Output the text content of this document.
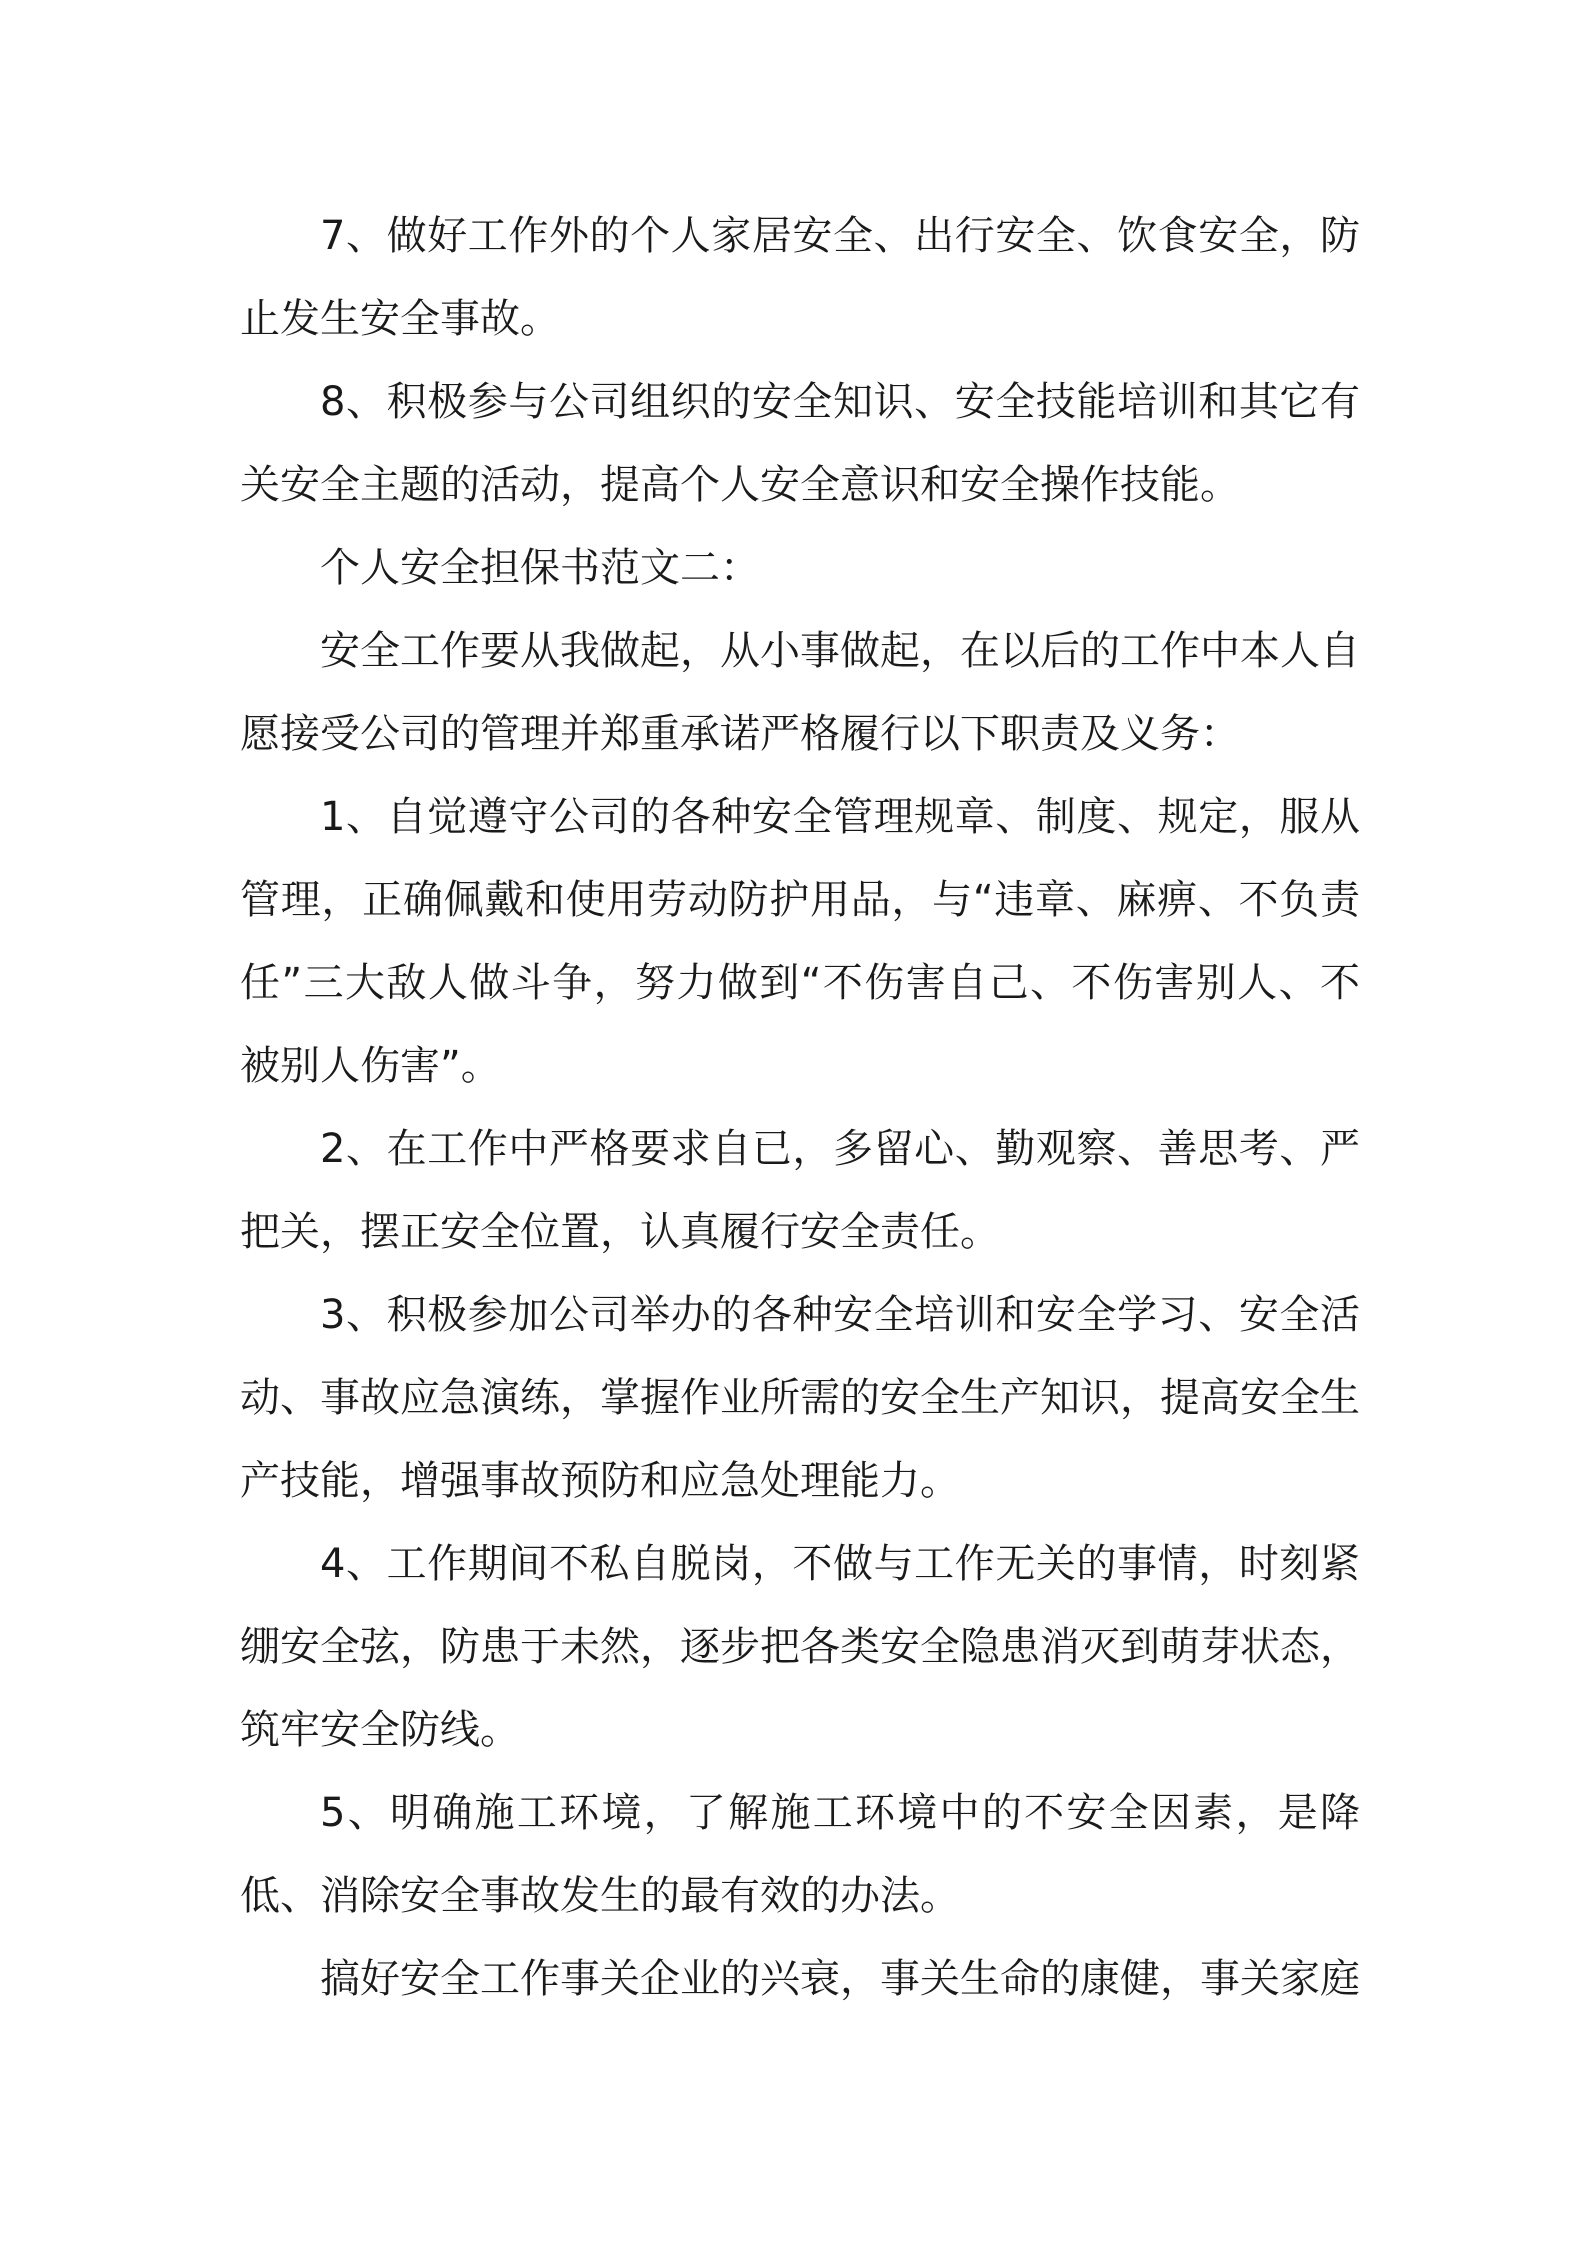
7、做好工作外的个人家居安全、出行安全、饮食安全，防止发生安全事故。

8、积极参与公司组织的安全知识、安全技能培训和其它有关安全主题的活动，提高个人安全意识和安全操作技能。

个人安全担保书范文二：

安全工作要从我做起，从小事做起，在以后的工作中本人自愿接受公司的管理并郑重承诺严格履行以下职责及义务：

1、自觉遵守公司的各种安全管理规章、制度、规定，服从管理，正确佩戴和使用劳动防护用品，与“违章、麻痹、不负责任”三大敌人做斗争，努力做到“不伤害自己、不伤害别人、不被别人伤害”。

2、在工作中严格要求自已，多留心、勤观察、善思考、严把关，摆正安全位置，认真履行安全责任。

3、积极参加公司举办的各种安全培训和安全学习、安全活动、事故应急演练，掌握作业所需的安全生产知识，提高安全生产技能，增强事故预防和应急处理能力。

4、工作期间不私自脱岗，不做与工作无关的事情，时刻紧绷安全弦，防患于未然，逐步把各类安全隐患消灭到萌芽状态，筑牢安全防线。

5、明确施工环境，了解施工环境中的不安全因素，是降低、消除安全事故发生的最有效的办法。

搞好安全工作事关企业的兴衰，事关生命的康健，事关家庭
